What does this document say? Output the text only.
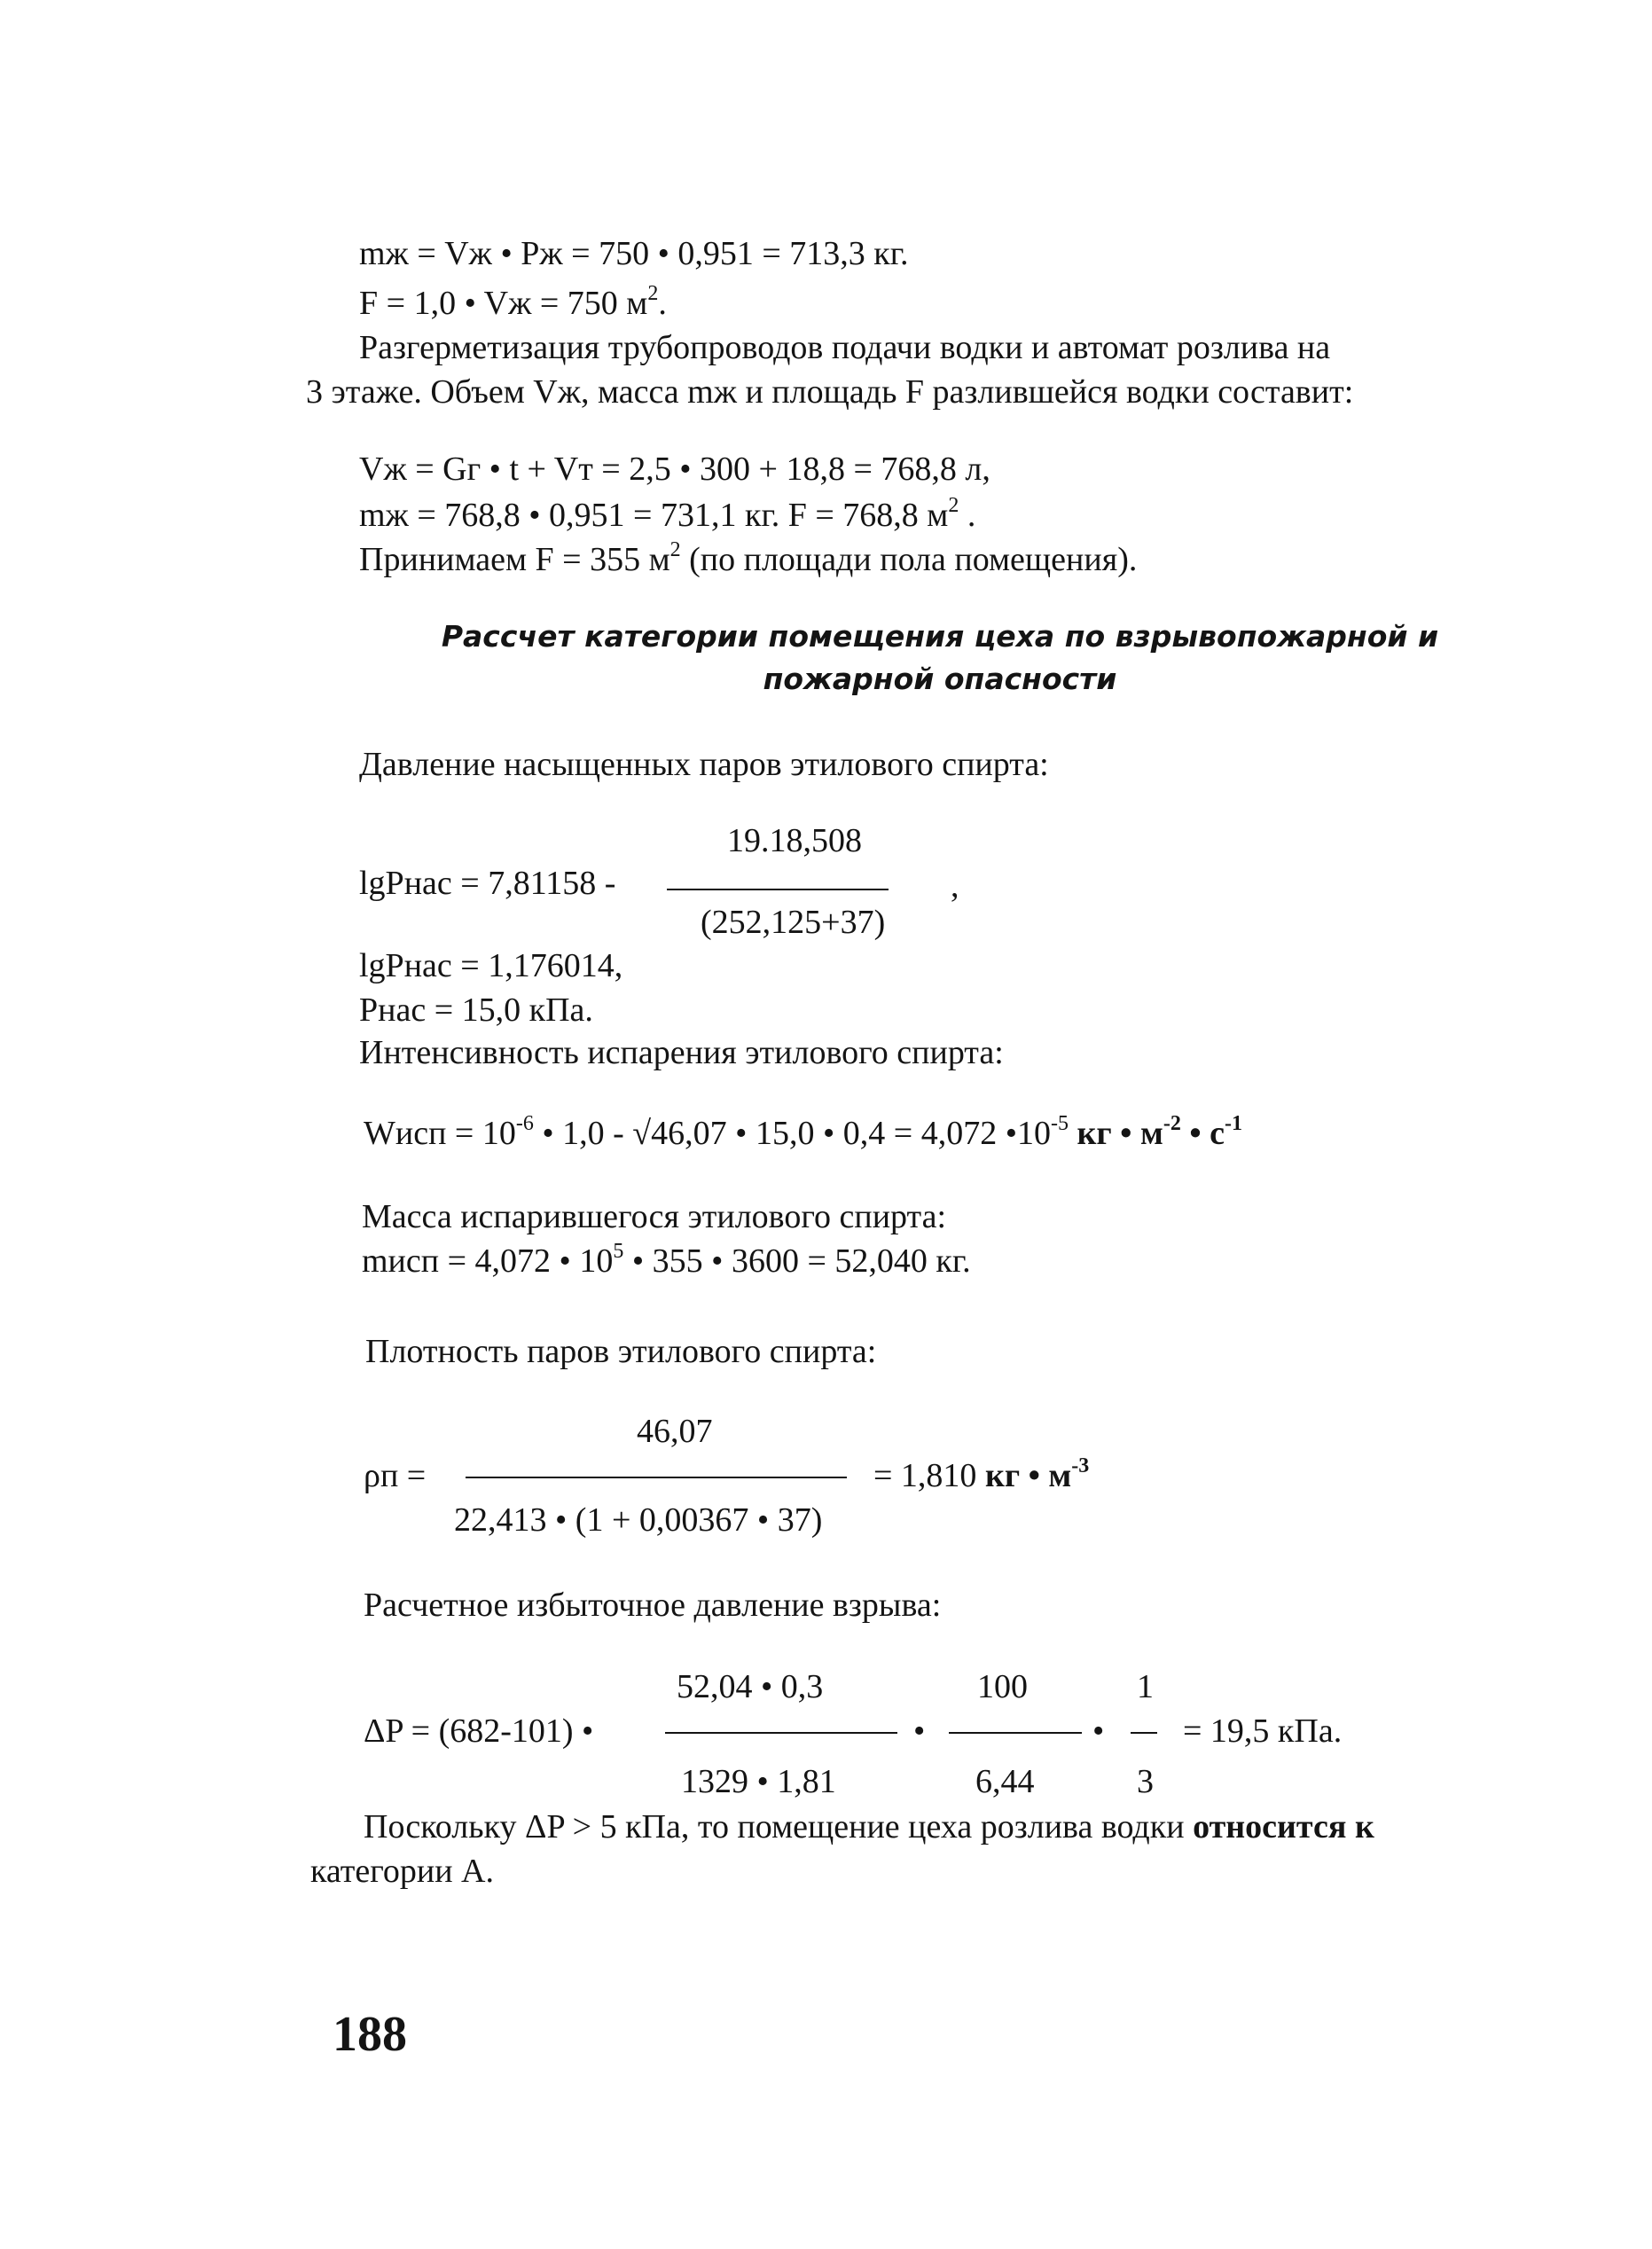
mж = Vж • Pж = 750 • 0,951 = 713,3 кг.
F = 1,0 • Vж = 750 $м^2$.
Разгерметизация трубопроводов подачи водки и автомат розлива на
3 этаже. Объем Vж, масса mж и площадь F разлившейся водки составит:
Vж = Gг • t + Vт = 2,5 • 300 + 18,8 = 768,8 л,
mж = 768,8 • 0,951 = 731,1 кг. F = 768,8 $м^2$ .
Принимаем F = 355 $м^2$ (по площади пола помещения).
Рассчет категории помещения цеха по взрывопожарной и
пожарной опасности
Давление насыщенных паров этилового спирта:
19.18,508
lgPнас = 7,81158 -	,
(252,125+37)
lgPнас = 1,176014,
Pнас = 15,0 кПа.
Интенсивность испарения этилового спирта:
Wисп = $10^{-6}$ • 1,0 - √46,07 • 15,0 • 0,4 = 4,072 $•10^{-5}$ кг • $м^{-2}$ • $с^{-1}$
Масса испарившегося этилового спирта:
mисп = 4,072 • $10^5$ • 355 • 3600 = 52,040 кг.
Плотность паров этилового спирта:
46,07
ρп =	= 1,810 кг • $м^{-3}$
22,413 • (1 + 0,00367 • 37)
Расчетное избыточное давление взрыва:
52,04 • 0,3	100	1
ΔP = (682-101) •	•	• = 19,5 кПа.
1329 • 1,81	6,44	3
Поскольку ΔP > 5 кПа, то помещение цеха розлива водки относится к
категории А.
188
